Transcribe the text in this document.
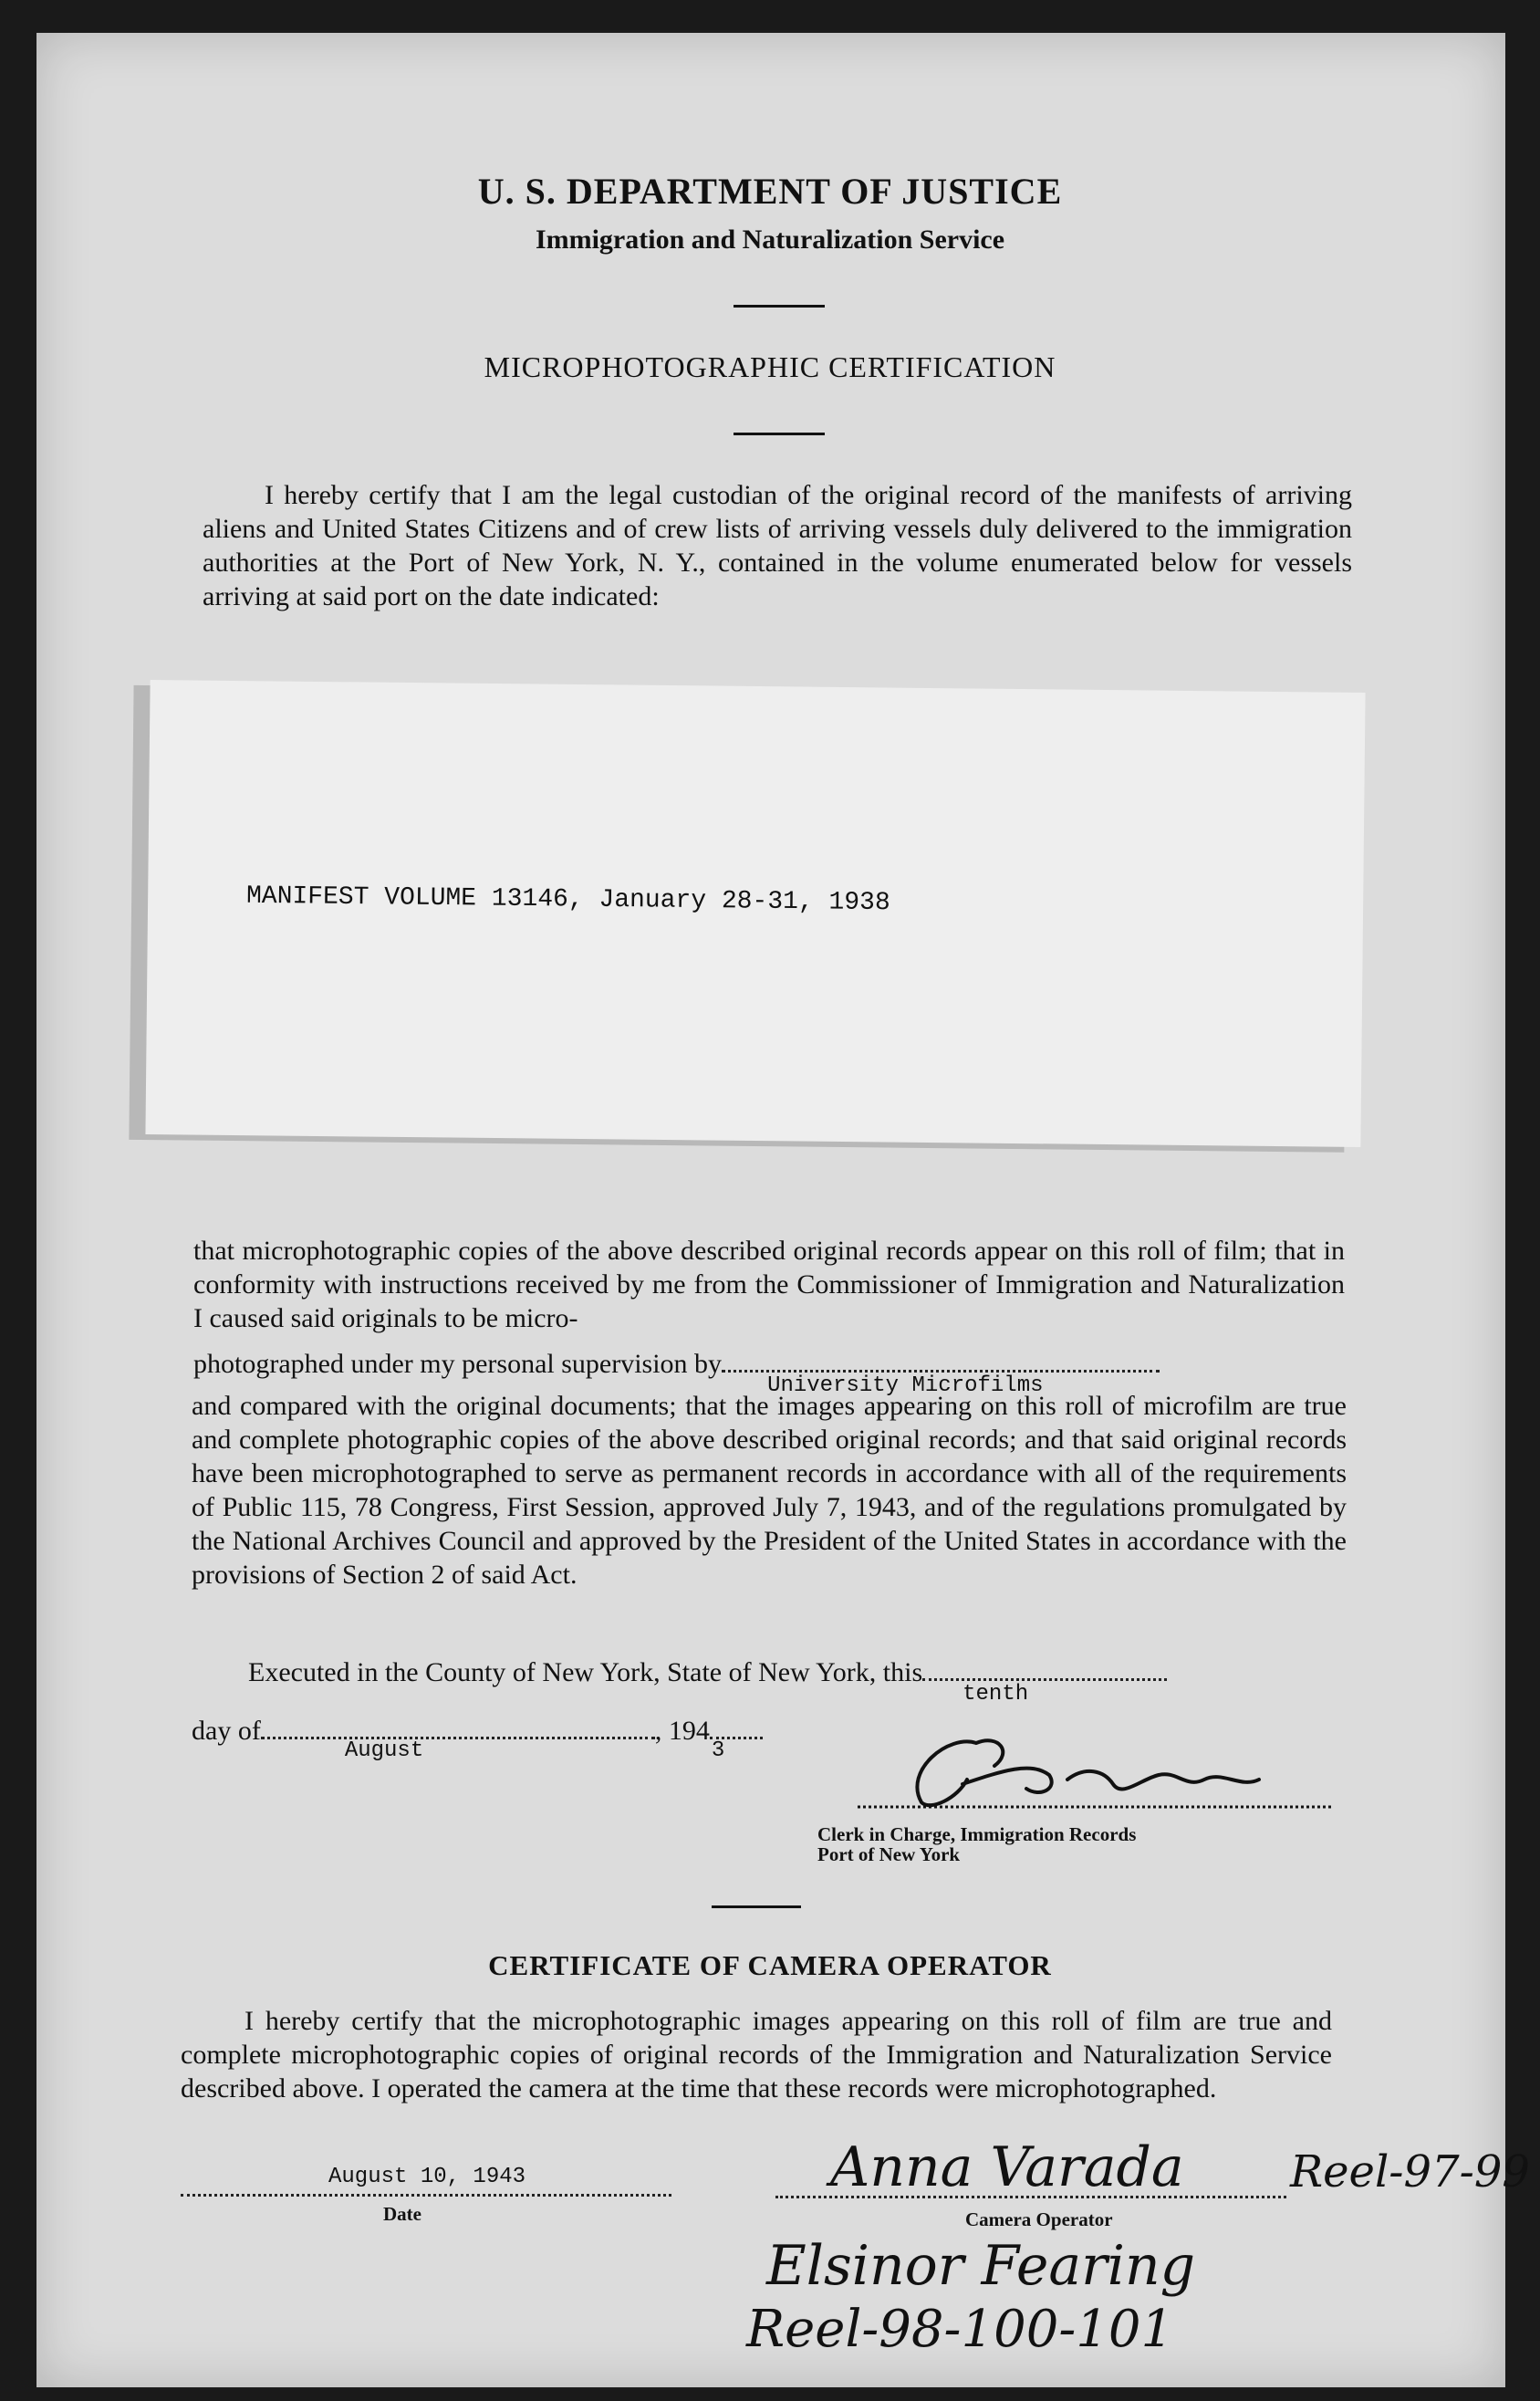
U. S. DEPARTMENT OF JUSTICE
Immigration and Naturalization Service
MICROPHOTOGRAPHIC CERTIFICATION
I hereby certify that I am the legal custodian of the original record of the manifests of arriving aliens and United States Citizens and of crew lists of arriving vessels duly delivered to the immigration authorities at the Port of New York, N. Y., contained in the volume enumerated below for vessels arriving at said port on the date indicated:
MANIFEST VOLUME 13146, January 28-31, 1938
that microphotographic copies of the above described original records appear on this roll of film; that in conformity with instructions received by me from the Commissioner of Immigration and Naturalization I caused said originals to be micro-
photographed under my personal supervision by
University Microfilms
and compared with the original documents; that the images appearing on this roll of microfilm are true and complete photographic copies of the above described original records; and that said original records have been microphotographed to serve as permanent records in accordance with all of the requirements of Public 115, 78 Congress, First Session, approved July 7, 1943, and of the regulations promulgated by the National Archives Council and approved by the President of the United States in accordance with the provisions of Section 2 of said Act.
Executed in the County of New York, State of New York, this
tenth
day of
August
, 194
3
Clerk in Charge, Immigration Records
Port of New York
CERTIFICATE OF CAMERA OPERATOR
I hereby certify that the microphotographic images appearing on this roll of film are true and complete microphotographic copies of original records of the Immigration and Naturalization Service described above. I operated the camera at the time that these records were microphotographed.
August 10, 1943
Date
Anna Varada Reel-97-99
Camera Operator
Elsinor Fearing
Reel-98-100-101
